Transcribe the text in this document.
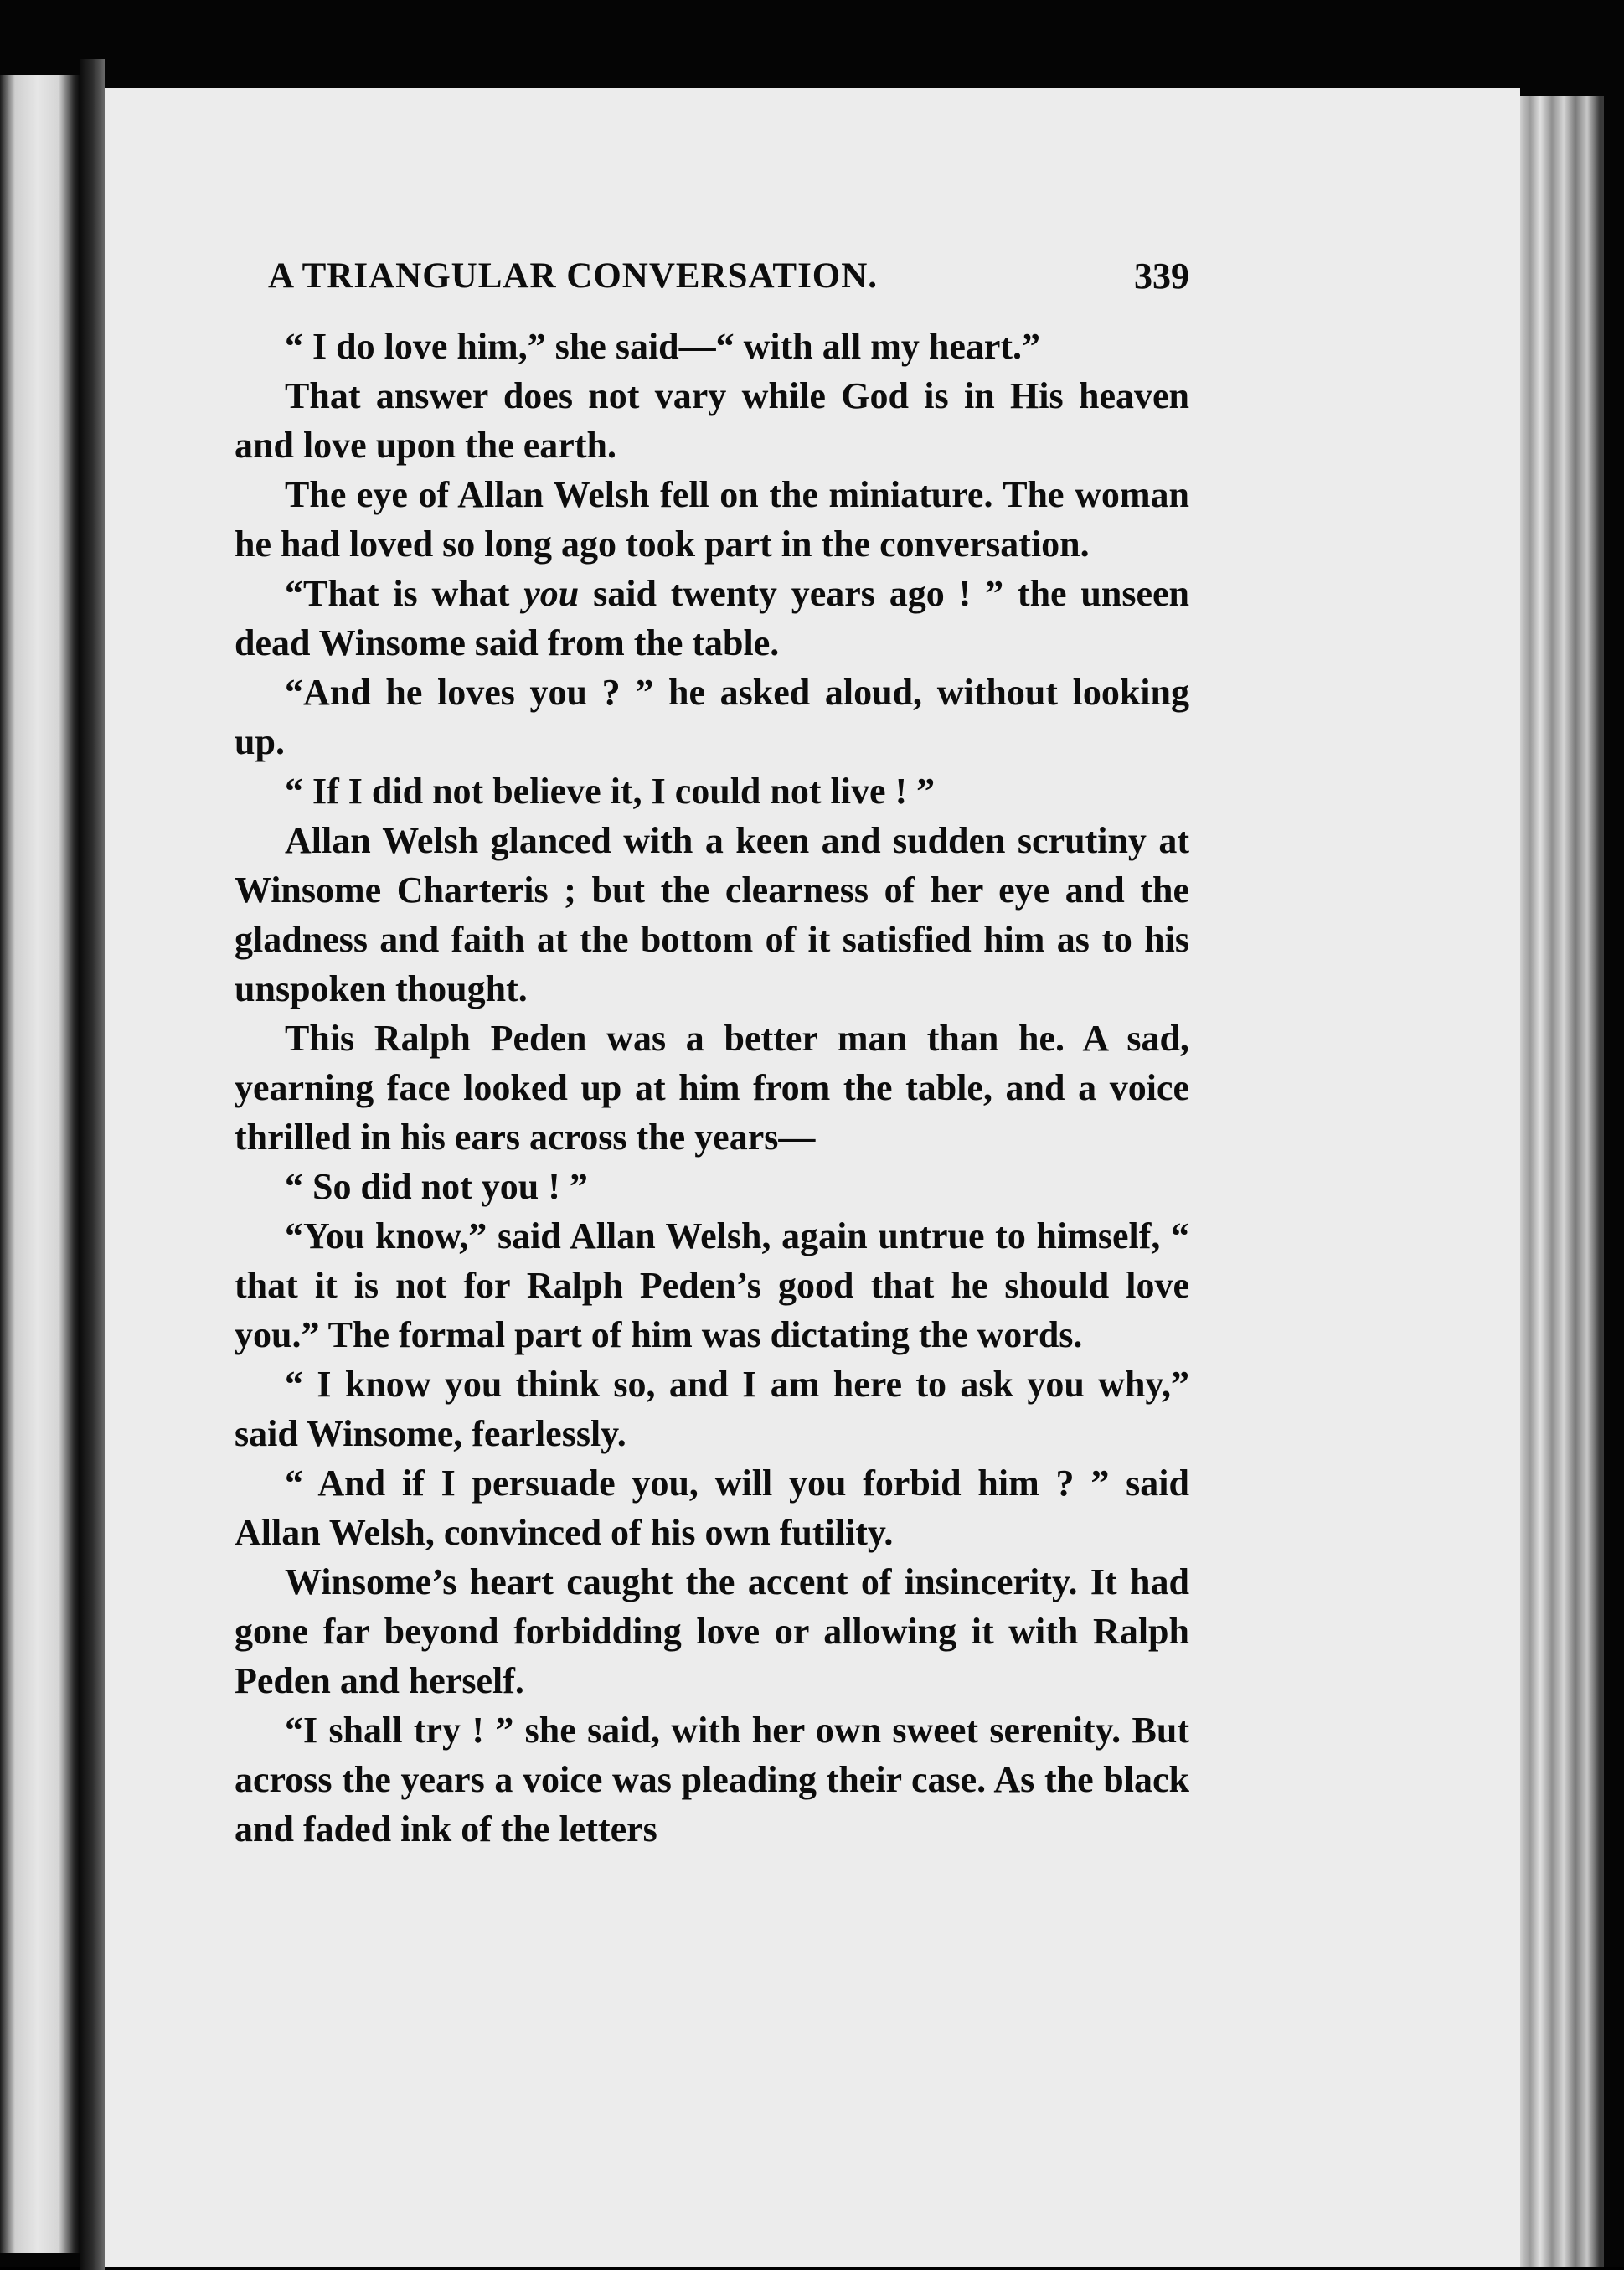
A TRIANGULAR CONVERSATION.	339

“ I do love him,” she said—“ with all my heart.”

That answer does not vary while God is in His heaven and love upon the earth.

The eye of Allan Welsh fell on the miniature. The woman he had loved so long ago took part in the conversation.

“That is what you said twenty years ago ! ” the unseen dead Winsome said from the table.

“And he loves you ? ” he asked aloud, without looking up.

“ If I did not believe it, I could not live ! ”

Allan Welsh glanced with a keen and sudden scrutiny at Winsome Charteris ; but the clearness of her eye and the gladness and faith at the bottom of it satisfied him as to his unspoken thought.

This Ralph Peden was a better man than he. A sad, yearning face looked up at him from the table, and a voice thrilled in his ears across the years—

“ So did not you ! ”

“You know,” said Allan Welsh, again untrue to himself, “ that it is not for Ralph Peden’s good that he should love you.” The formal part of him was dictating the words.

“ I know you think so, and I am here to ask you why,” said Winsome, fearlessly.

“ And if I persuade you, will you forbid him ? ” said Allan Welsh, convinced of his own futility.

Winsome’s heart caught the accent of insincerity. It had gone far beyond forbidding love or allowing it with Ralph Peden and herself.

“I shall try ! ” she said, with her own sweet serenity. But across the years a voice was pleading their case. As the black and faded ink of the letters
